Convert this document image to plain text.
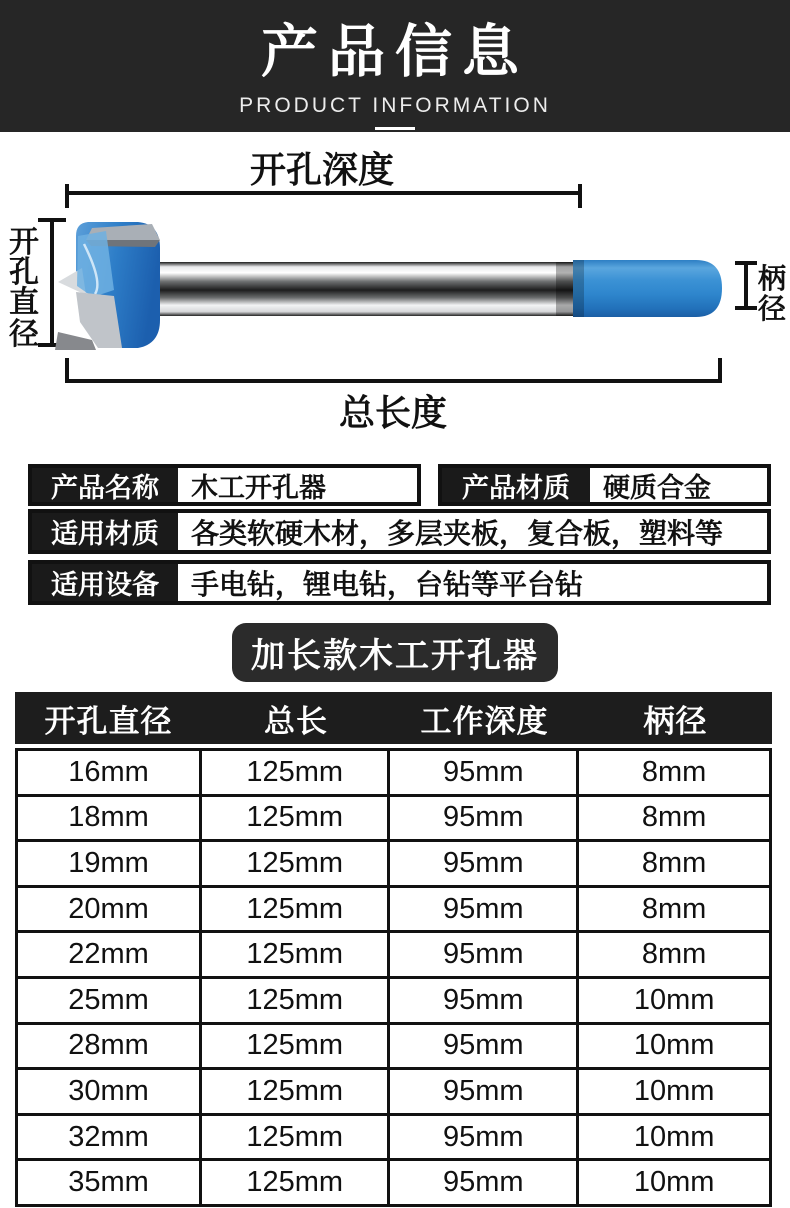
产品信息
PRODUCT INFORMATION
开孔深度
开
孔
直
径
柄
径
总长度
产品名称	木工开孔器	产品材质	硬质合金
适用材质	各类软硬木材，多层夹板，复合板，塑料等
适用设备	手电钻，锂电钻，台钻等平台钻
加长款木工开孔器
开孔直径	总长	工作深度	柄径
16mm	125mm	95mm	8mm
18mm	125mm	95mm	8mm
19mm	125mm	95mm	8mm
20mm	125mm	95mm	8mm
22mm	125mm	95mm	8mm
25mm	125mm	95mm	10mm
28mm	125mm	95mm	10mm
30mm	125mm	95mm	10mm
32mm	125mm	95mm	10mm
35mm	125mm	95mm	10mm
